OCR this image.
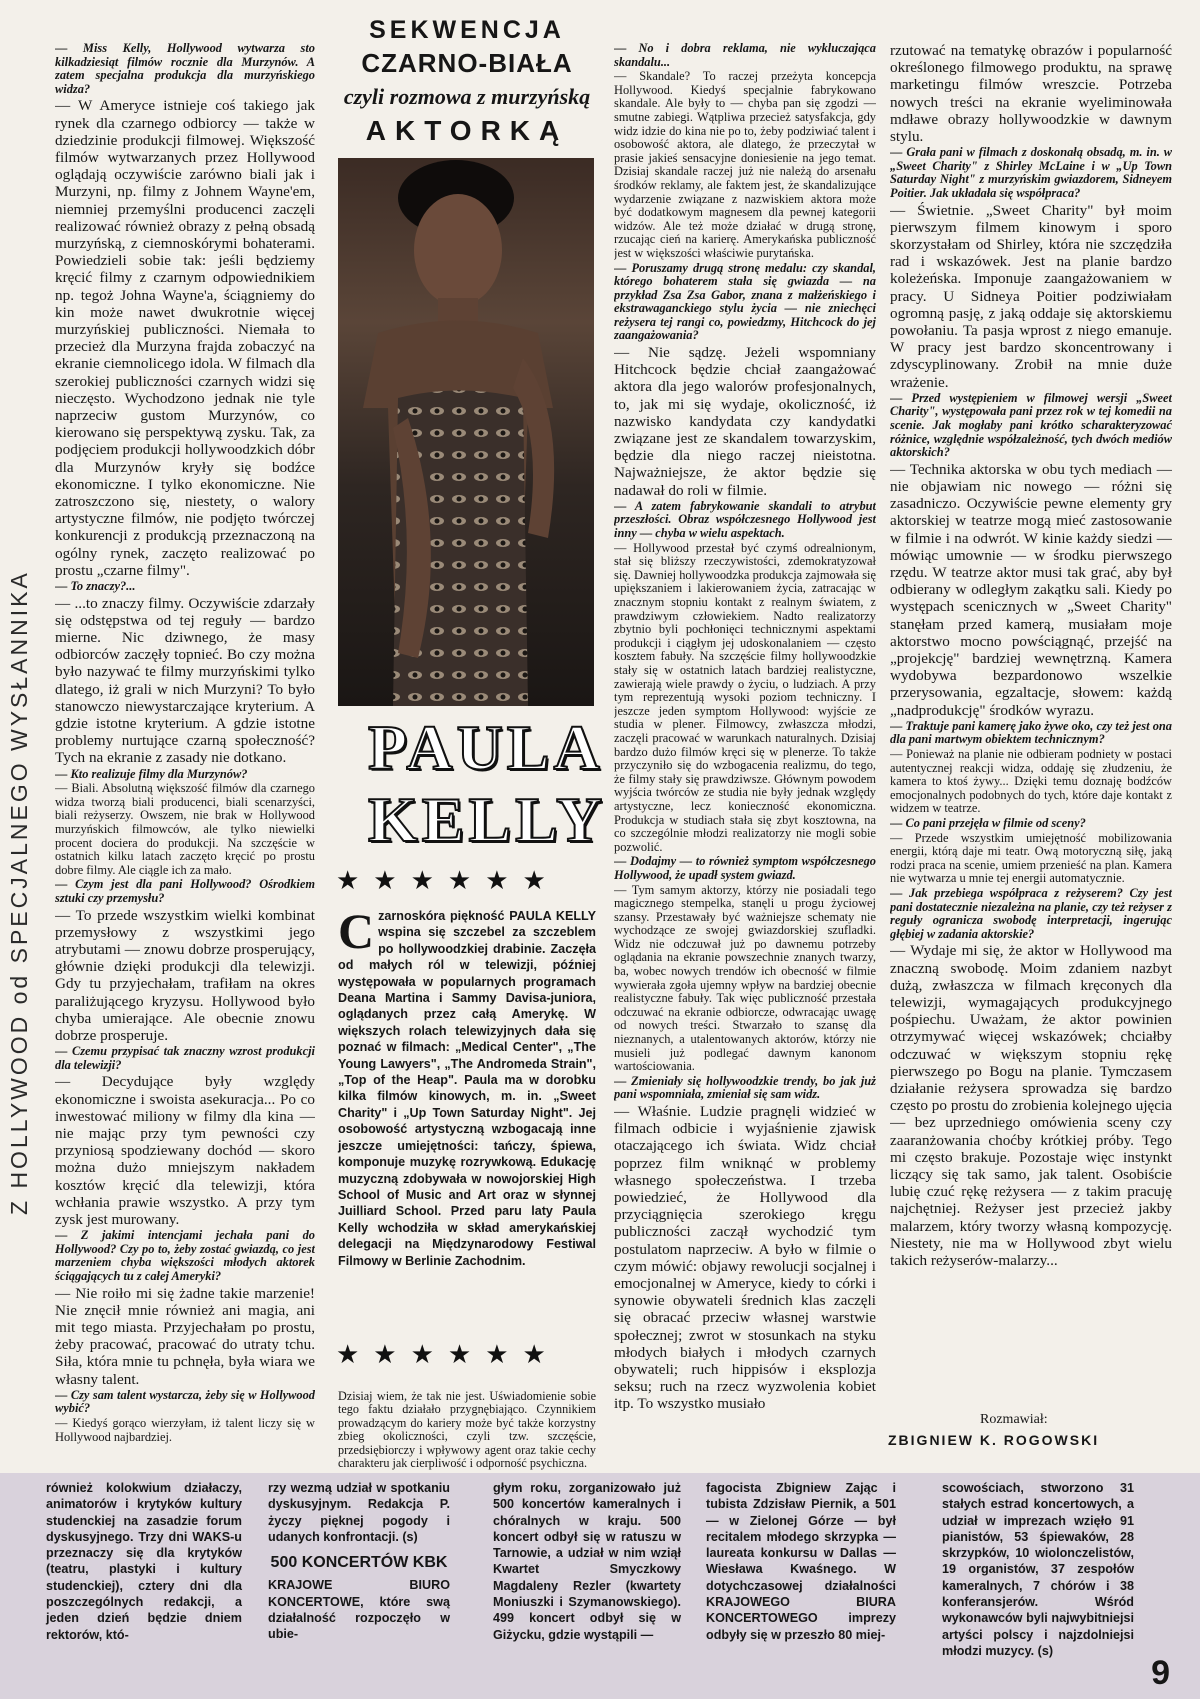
Z HOLLYWOOD od SPECJALNEGO WYSŁANNIKA

— Miss Kelly, Hollywood wytwarza sto kilkadziesiąt filmów rocznie dla Murzynów. A zatem specjalna produkcja dla murzyńskiego widza?

— W Ameryce istnieje coś takiego jak rynek dla czarnego odbiorcy — także w dziedzinie produkcji filmowej. Większość filmów wytwarzanych przez Hollywood oglądają oczywiście zarówno biali jak i Murzyni, np. filmy z Johnem Wayne'em, niemniej przemyślni producenci zaczęli realizować również obrazy z pełną obsadą murzyńską, z ciemnoskórymi bohaterami. Powiedzieli sobie tak: jeśli będziemy kręcić filmy z czarnym odpowiednikiem np. tegoż Johna Wayne'a, ściągniemy do kin może nawet dwukrotnie więcej murzyńskiej publiczności. Niemała to przecież dla Murzyna frajda zobaczyć na ekranie ciemnolicego idola. W filmach dla szerokiej publiczności czarnych widzi się nieczęsto. Wychodzono jednak nie tyle naprzeciw gustom Murzynów, co kierowano się perspektywą zysku. Tak, za podjęciem produkcji hollywoodzkich dóbr dla Murzynów kryły się bodźce ekonomiczne. I tylko ekonomiczne. Nie zatroszczono się, niestety, o walory artystyczne filmów, nie podjęto twórczej konkurencji z produkcją przeznaczoną na ogólny rynek, zaczęto realizować po prostu „czarne filmy".

— To znaczy?...

— ...to znaczy filmy. Oczywiście zdarzały się odstępstwa od tej reguły — bardzo mierne. Nic dziwnego, że masy odbiorców zaczęły topnieć. Bo czy można było nazywać te filmy murzyńskimi tylko dlatego, iż grali w nich Murzyni? To było stanowczo niewystarczające kryterium. A gdzie istotne kryterium. A gdzie istotne problemy nurtujące czarną społeczność? Tych na ekranie z zasady nie dotkano.

— Kto realizuje filmy dla Murzynów?

— Biali. Absolutną większość filmów dla czarnego widza tworzą biali producenci, biali scenarzyści, biali reżyserzy. Owszem, nie brak w Hollywood murzyńskich filmowców, ale tylko niewielki procent dociera do produkcji. Na szczęście w ostatnich kilku latach zaczęto kręcić po prostu dobre filmy. Ale ciągle ich za mało.

— Czym jest dla pani Hollywood? Ośrodkiem sztuki czy przemysłu?

— To przede wszystkim wielki kombinat przemysłowy z wszystkimi jego atrybutami — znowu dobrze prosperujący, głównie dzięki produkcji dla telewizji. Gdy tu przyjechałam, trafiłam na okres paraliżującego kryzysu. Hollywood było chyba umierające. Ale obecnie znowu dobrze prosperuje.

— Czemu przypisać tak znaczny wzrost produkcji dla telewizji?

— Decydujące były względy ekonomiczne i swoista asekuracja... Po co inwestować miliony w filmy dla kina — nie mając przy tym pewności czy przyniosą spodziewany dochód — skoro można dużo mniejszym nakładem kosztów kręcić dla telewizji, która wchłania prawie wszystko. A przy tym zysk jest murowany.

— Z jakimi intencjami jechała pani do Hollywood? Czy po to, żeby zostać gwiazdą, co jest marzeniem chyba większości młodych aktorek ściągających tu z całej Ameryki?

— Nie roiło mi się żadne takie marzenie! Nie znęcił mnie również ani magia, ani mit tego miasta. Przyjechałam po prostu, żeby pracować, pracować do utraty tchu. Siła, która mnie tu pchnęła, była wiara we własny talent.

— Czy sam talent wystarcza, żeby się w Hollywood wybić?

— Kiedyś gorąco wierzyłam, iż talent liczy się w Hollywood najbardziej.

SEKWENCJA
CZARNO-BIAŁA
czyli rozmowa z murzyńską
AKTORKĄ
PAULA
KELLY
★★★★★★
Czarnoskóra piękność PAULA KELLY wspina się szczebel za szczeblem po hollywoodzkiej drabinie. Zaczęła od małych ról w telewizji, później występowała w popularnych programach Deana Martina i Sammy Davisa-juniora, oglądanych przez całą Amerykę. W większych rolach telewizyjnych dała się poznać w filmach: „Medical Center", „The Young Lawyers", „The Andromeda Strain", „Top of the Heap". Paula ma w dorobku kilka filmów kinowych, m. in. „Sweet Charity" i „Up Town Saturday Night". Jej osobowość artystyczną wzbogacają inne jeszcze umiejętności: tańczy, śpiewa, komponuje muzykę rozrywkową. Edukację muzyczną zdobywała w nowojorskiej High School of Music and Art oraz w słynnej Juilliard School. Przed paru laty Paula Kelly wchodziła w skład amerykańskiej delegacji na Międzynarodowy Festiwal Filmowy w Berlinie Zachodnim.
★★★★★★
Dzisiaj wiem, że tak nie jest. Uświadomienie sobie tego faktu działało przygnębiająco. Czynnikiem prowadzącym do kariery może być także korzystny zbieg okoliczności, czyli tzw. szczęście, przedsiębiorczy i wpływowy agent oraz takie cechy charakteru jak cierpliwość i odporność psychiczna.

— No i dobra reklama, nie wykluczająca skandalu...

— Skandale? To raczej przeżyta koncepcja Hollywood. Kiedyś specjalnie fabrykowano skandale. Ale były to — chyba pan się zgodzi — smutne zabiegi. Wątpliwa przecież satysfakcja, gdy widz idzie do kina nie po to, żeby podziwiać talent i osobowość aktora, ale dlatego, że przeczytał w prasie jakieś sensacyjne doniesienie na jego temat. Dzisiaj skandale raczej już nie należą do arsenału środków reklamy, ale faktem jest, że skandalizujące wydarzenie związane z nazwiskiem aktora może być dodatkowym magnesem dla pewnej kategorii widzów. Ale też może działać w drugą stronę, rzucając cień na karierę. Amerykańska publiczność jest w większości właściwie purytańska.

— Poruszamy drugą stronę medalu: czy skandal, którego bohaterem stała się gwiazda — na przykład Zsa Zsa Gabor, znana z małżeńskiego i ekstrawaganckiego stylu życia — nie zniechęci reżysera tej rangi co, powiedzmy, Hitchcock do jej zaangażowania?

— Nie sądzę. Jeżeli wspomniany Hitchcock będzie chciał zaangażować aktora dla jego walorów profesjonalnych, to, jak mi się wydaje, okoliczność, iż nazwisko kandydata czy kandydatki związane jest ze skandalem towarzyskim, będzie dla niego raczej nieistotna. Najważniejsze, że aktor będzie się nadawał do roli w filmie.

— A zatem fabrykowanie skandali to atrybut przeszłości. Obraz współczesnego Hollywood jest inny — chyba w wielu aspektach.

— Hollywood przestał być czymś odrealnionym, stał się bliższy rzeczywistości, zdemokratyzował się. Dawniej hollywoodzka produkcja zajmowała się upiększaniem i lakierowaniem życia, zatracając w znacznym stopniu kontakt z realnym światem, z prawdziwym człowiekiem. Nadto realizatorzy zbytnio byli pochłonięci technicznymi aspektami produkcji i ciągłym jej udoskonalaniem — często kosztem fabuły. Na szczęście filmy hollywoodzkie stały się w ostatnich latach bardziej realistyczne, zawierają wiele prawdy o życiu, o ludziach. A przy tym reprezentują wysoki poziom techniczny. I jeszcze jeden symptom Hollywood: wyjście ze studia w plener. Filmowcy, zwłaszcza młodzi, zaczęli pracować w warunkach naturalnych. Dzisiaj bardzo dużo filmów kręci się w plenerze. To także przyczyniło się do wzbogacenia realizmu, do tego, że filmy stały się prawdziwsze. Głównym powodem wyjścia twórców ze studia nie były jednak względy artystyczne, lecz konieczność ekonomiczna. Produkcja w studiach stała się zbyt kosztowna, na co szczególnie młodzi realizatorzy nie mogli sobie pozwolić.

— Dodajmy — to również symptom współczesnego Hollywood, że upadł system gwiazd.

— Tym samym aktorzy, którzy nie posiadali tego magicznego stempelka, stanęli u progu życiowej szansy. Przestawały być ważniejsze schematy nie wychodzące ze swojej gwiazdorskiej szufladki. Widz nie odczuwał już po dawnemu potrzeby oglądania na ekranie powszechnie znanych twarzy, ba, wobec nowych trendów ich obecność w filmie wywierała zgoła ujemny wpływ na bardziej obecnie realistyczne fabuły. Tak więc publiczność przestała odczuwać na ekranie odbiorcze, odwracając uwagę od nowych treści. Stwarzało to szansę dla nieznanych, a utalentowanych aktorów, którzy nie musieli już podlegać dawnym kanonom wartościowania.

— Zmieniały się hollywoodzkie trendy, bo jak już pani wspomniała, zmieniał się sam widz.

— Właśnie. Ludzie pragnęli widzieć w filmach odbicie i wyjaśnienie zjawisk otaczającego ich świata. Widz chciał poprzez film wniknąć w problemy własnego społeczeństwa. I trzeba powiedzieć, że Hollywood dla przyciągnięcia szerokiego kręgu publiczności zaczął wychodzić tym postulatom naprzeciw. A było w filmie o czym mówić: objawy rewolucji socjalnej i emocjonalnej w Ameryce, kiedy to córki i synowie obywateli średnich klas zaczęli się obracać przeciw własnej warstwie społecznej; zwrot w stosunkach na styku młodych białych i młodych czarnych obywateli; ruch hippisów i eksplozja seksu; ruch na rzecz wyzwolenia kobiet itp. To wszystko musiało

rzutować na tematykę obrazów i popularność określonego filmowego produktu, na sprawę marketingu filmów wreszcie. Potrzeba nowych treści na ekranie wyeliminowała mdławe obrazy hollywoodzkie w dawnym stylu.

— Grała pani w filmach z doskonałą obsadą, m. in. w „Sweet Charity" z Shirley McLaine i w „Up Town Saturday Night" z murzyńskim gwiazdorem, Sidneyem Poitier. Jak układała się współpraca?

— Świetnie. „Sweet Charity" był moim pierwszym filmem kinowym i sporo skorzystałam od Shirley, która nie szczędziła rad i wskazówek. Jest na planie bardzo koleżeńska. Imponuje zaangażowaniem w pracy. U Sidneya Poitier podziwiałam ogromną pasję, z jaką oddaje się aktorskiemu powołaniu. Ta pasja wprost z niego emanuje. W pracy jest bardzo skoncentrowany i zdyscyplinowany. Zrobił na mnie duże wrażenie.

— Przed występieniem w filmowej wersji „Sweet Charity", występowała pani przez rok w tej komedii na scenie. Jak mogłaby pani krótko scharakteryzować różnice, względnie współzależność, tych dwóch mediów aktorskich?

— Technika aktorska w obu tych mediach — nie objawiam nic nowego — różni się zasadniczo. Oczywiście pewne elementy gry aktorskiej w teatrze mogą mieć zastosowanie w filmie i na odwrót. W kinie każdy siedzi — mówiąc umownie — w środku pierwszego rzędu. W teatrze aktor musi tak grać, aby był odbierany w odległym zakątku sali. Kiedy po występach scenicznych w „Sweet Charity" stanęłam przed kamerą, musiałam moje aktorstwo mocno powściągnąć, przejść na „projekcję" bardziej wewnętrzną. Kamera wydobywa bezpardonowo wszelkie przerysowania, egzaltacje, słowem: każdą „nadprodukcję" środków wyrazu.

— Traktuje pani kamerę jako żywe oko, czy też jest ona dla pani martwym obiektem technicznym?

— Ponieważ na planie nie odbieram podniety w postaci autentycznej reakcji widza, oddaję się złudzeniu, że kamera to ktoś żywy... Dzięki temu doznaję bodźców emocjonalnych podobnych do tych, które daje kontakt z widzem w teatrze.

— Co pani przejęła w filmie od sceny?

— Przede wszystkim umiejętność mobilizowania energii, którą daje mi teatr. Ową motoryczną siłę, jaką rodzi praca na scenie, umiem przenieść na plan. Kamera nie wytwarza u mnie tej energii automatycznie.

— Jak przebiega współpraca z reżyserem? Czy jest pani dostatecznie niezależna na planie, czy też reżyser z reguły ogranicza swobodę interpretacji, ingerując głębiej w zadania aktorskie?

— Wydaje mi się, że aktor w Hollywood ma znaczną swobodę. Moim zdaniem nazbyt dużą, zwłaszcza w filmach kręconych dla telewizji, wymagających produkcyjnego pośpiechu. Uważam, że aktor powinien otrzymywać więcej wskazówek; chciałby odczuwać w większym stopniu rękę pierwszego po Bogu na planie. Tymczasem działanie reżysera sprowadza się bardzo często po prostu do zrobienia kolejnego ujęcia — bez uprzedniego omówienia sceny czy zaaranżowania choćby krótkiej próby. Tego mi często brakuje. Pozostaje więc instynkt liczący się tak samo, jak talent. Osobiście lubię czuć rękę reżysera — z takim pracuję najchętniej. Reżyser jest przecież jakby malarzem, który tworzy własną kompozycję. Niestety, nie ma w Hollywood zbyt wielu takich reżyserów-malarzy...

Rozmawiał:
ZBIGNIEW K. ROGOWSKI
również kolokwium działaczy, animatorów i krytyków kultury studenckiej na zasadzie forum dyskusyjnego. Trzy dni WAKS-u przeznaczy się dla krytyków (teatru, plastyki i kultury studenckiej), cztery dni dla poszczególnych redakcji, a jeden dzień będzie dniem rektorów, któ-
rzy wezmą udział w spotkaniu dyskusyjnym. Redakcja P. życzy pięknej pogody i udanych konfrontacji. (s)
500 KONCERTÓW KBK
KRAJOWE BIURO KONCERTOWE, które swą działalność rozpoczęło w ubie-
głym roku, zorganizowało już 500 koncertów kameralnych i chóralnych w kraju. 500 koncert odbył się w ratuszu w Tarnowie, a udział w nim wziął Kwartet Smyczkowy Magdaleny Rezler (kwartety Moniuszki i Szymanowskiego). 499 koncert odbył się w Giżycku, gdzie wystąpili —
fagocista Zbigniew Zając i tubista Zdzisław Piernik, a 501 — w Zielonej Górze — był recitalem młodego skrzypka — laureata konkursu w Dallas — Wiesława Kwaśnego. W dotychczasowej działalności KRAJOWEGO BIURA KONCERTOWEGO imprezy odbyły się w przeszło 80 miej-
scowościach, stworzono 31 stałych estrad koncertowych, a udział w imprezach wzięło 91 pianistów, 53 śpiewaków, 28 skrzypków, 10 wiolonczelistów, 19 organistów, 37 zespołów kameralnych, 7 chórów i 38 konferansjerów. Wśród wykonawców byli najwybitniejsi artyści polscy i najzdolniejsi młodzi muzycy. (s)
9
